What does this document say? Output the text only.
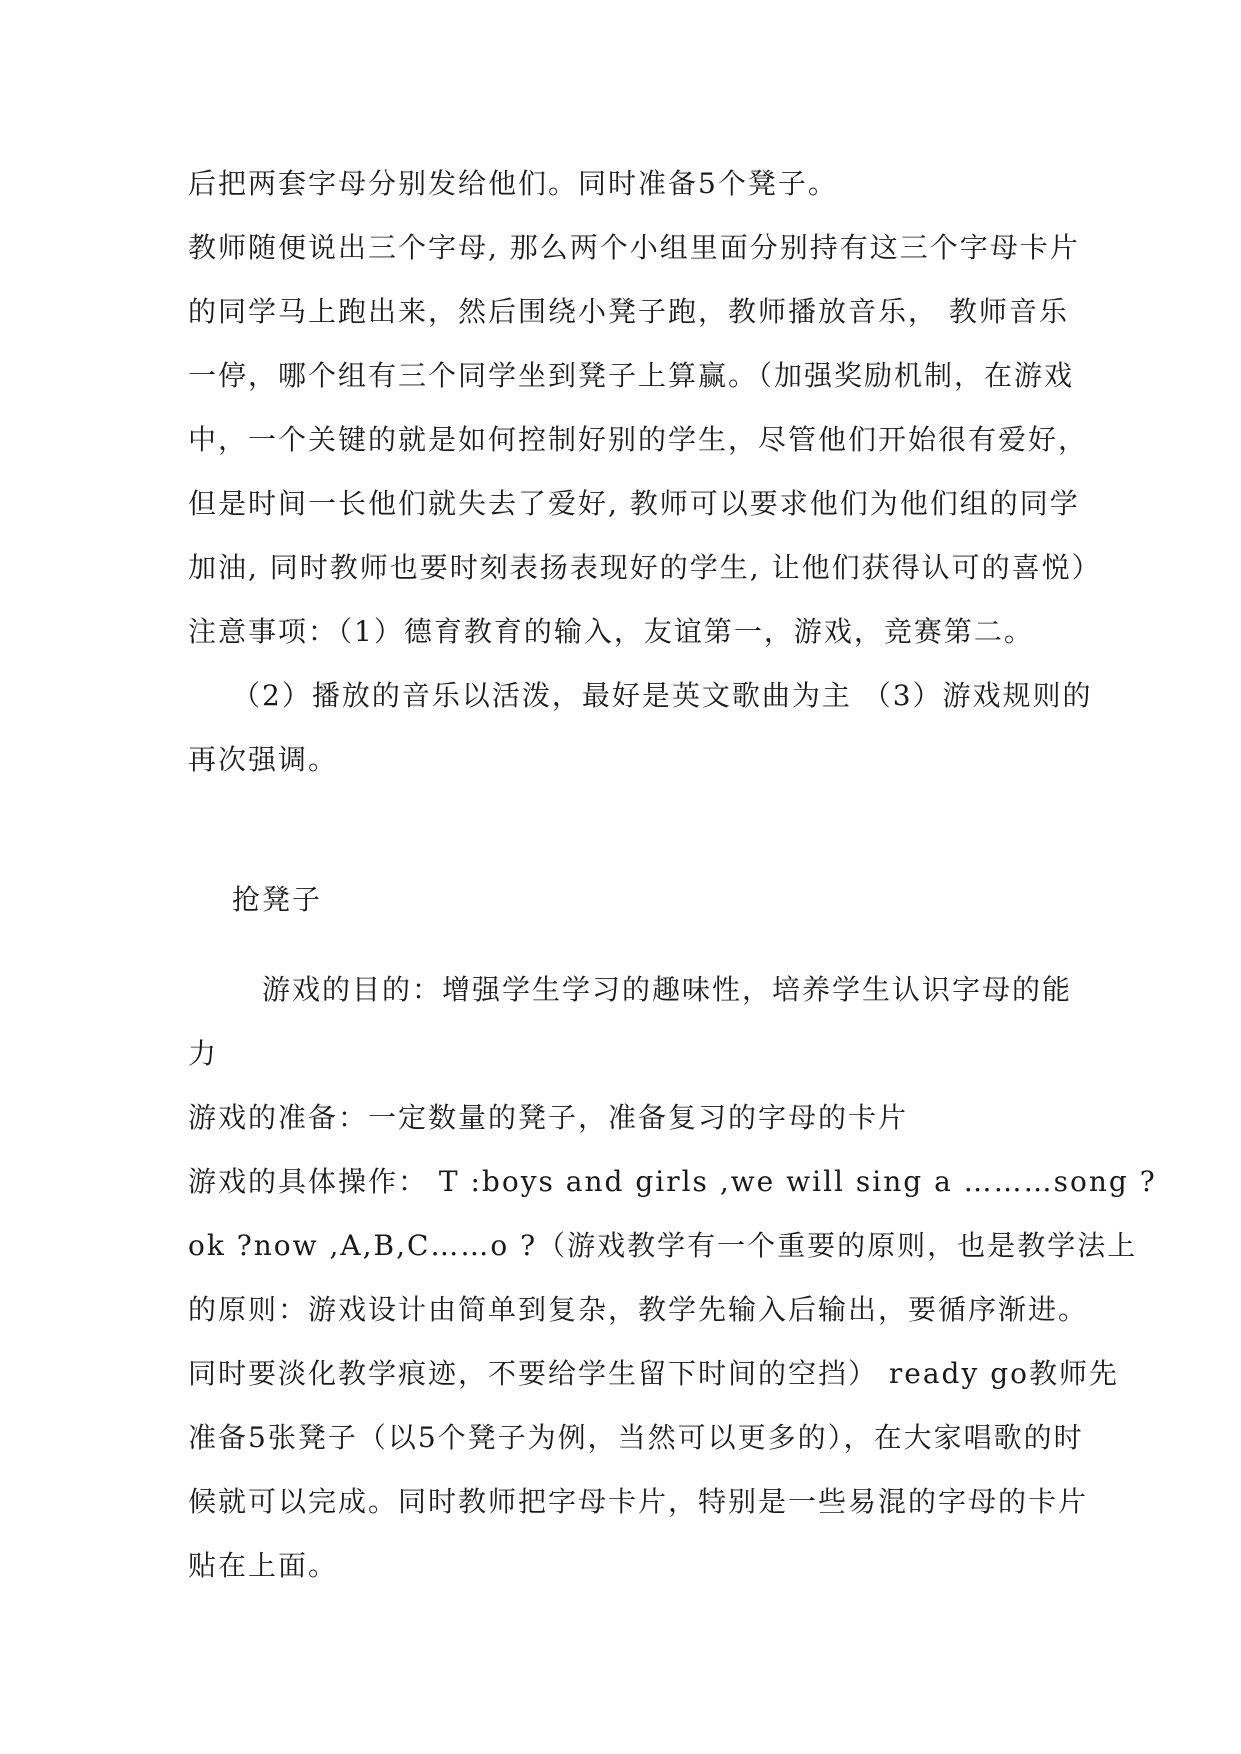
后把两套字母分别发给他们。同时准备5个凳子。
教师随便说出三个字母, 那么两个小组里面分别持有这三个字母卡片
的同学马上跑出来，然后围绕小凳子跑，教师播放音乐， 教师音乐
一停，哪个组有三个同学坐到凳子上算赢。（加强奖励机制，在游戏
中，一个关键的就是如何控制好别的学生，尽管他们开始很有爱好，
但是时间一长他们就失去了爱好, 教师可以要求他们为他们组的同学
加油, 同时教师也要时刻表扬表现好的学生, 让他们获得认可的喜悦）
注意事项：（1）德育教育的输入，友谊第一，游戏，竞赛第二。
（2）播放的音乐以活泼，最好是英文歌曲为主 （3）游戏规则的
再次强调。
抢凳子
游戏的目的：增强学生学习的趣味性，培养学生认识字母的能
力
游戏的准备：一定数量的凳子，准备复习的字母的卡片
游戏的具体操作： T :boys and girls ,we will sing a ………song ?
ok ?now ,A,B,C……o ?（游戏教学有一个重要的原则，也是教学法上
的原则：游戏设计由简单到复杂，教学先输入后输出，要循序渐进。
同时要淡化教学痕迹，不要给学生留下时间的空挡） ready go教师先
准备5张凳子（以5个凳子为例，当然可以更多的），在大家唱歌的时
候就可以完成。同时教师把字母卡片，特别是一些易混的字母的卡片
贴在上面。
